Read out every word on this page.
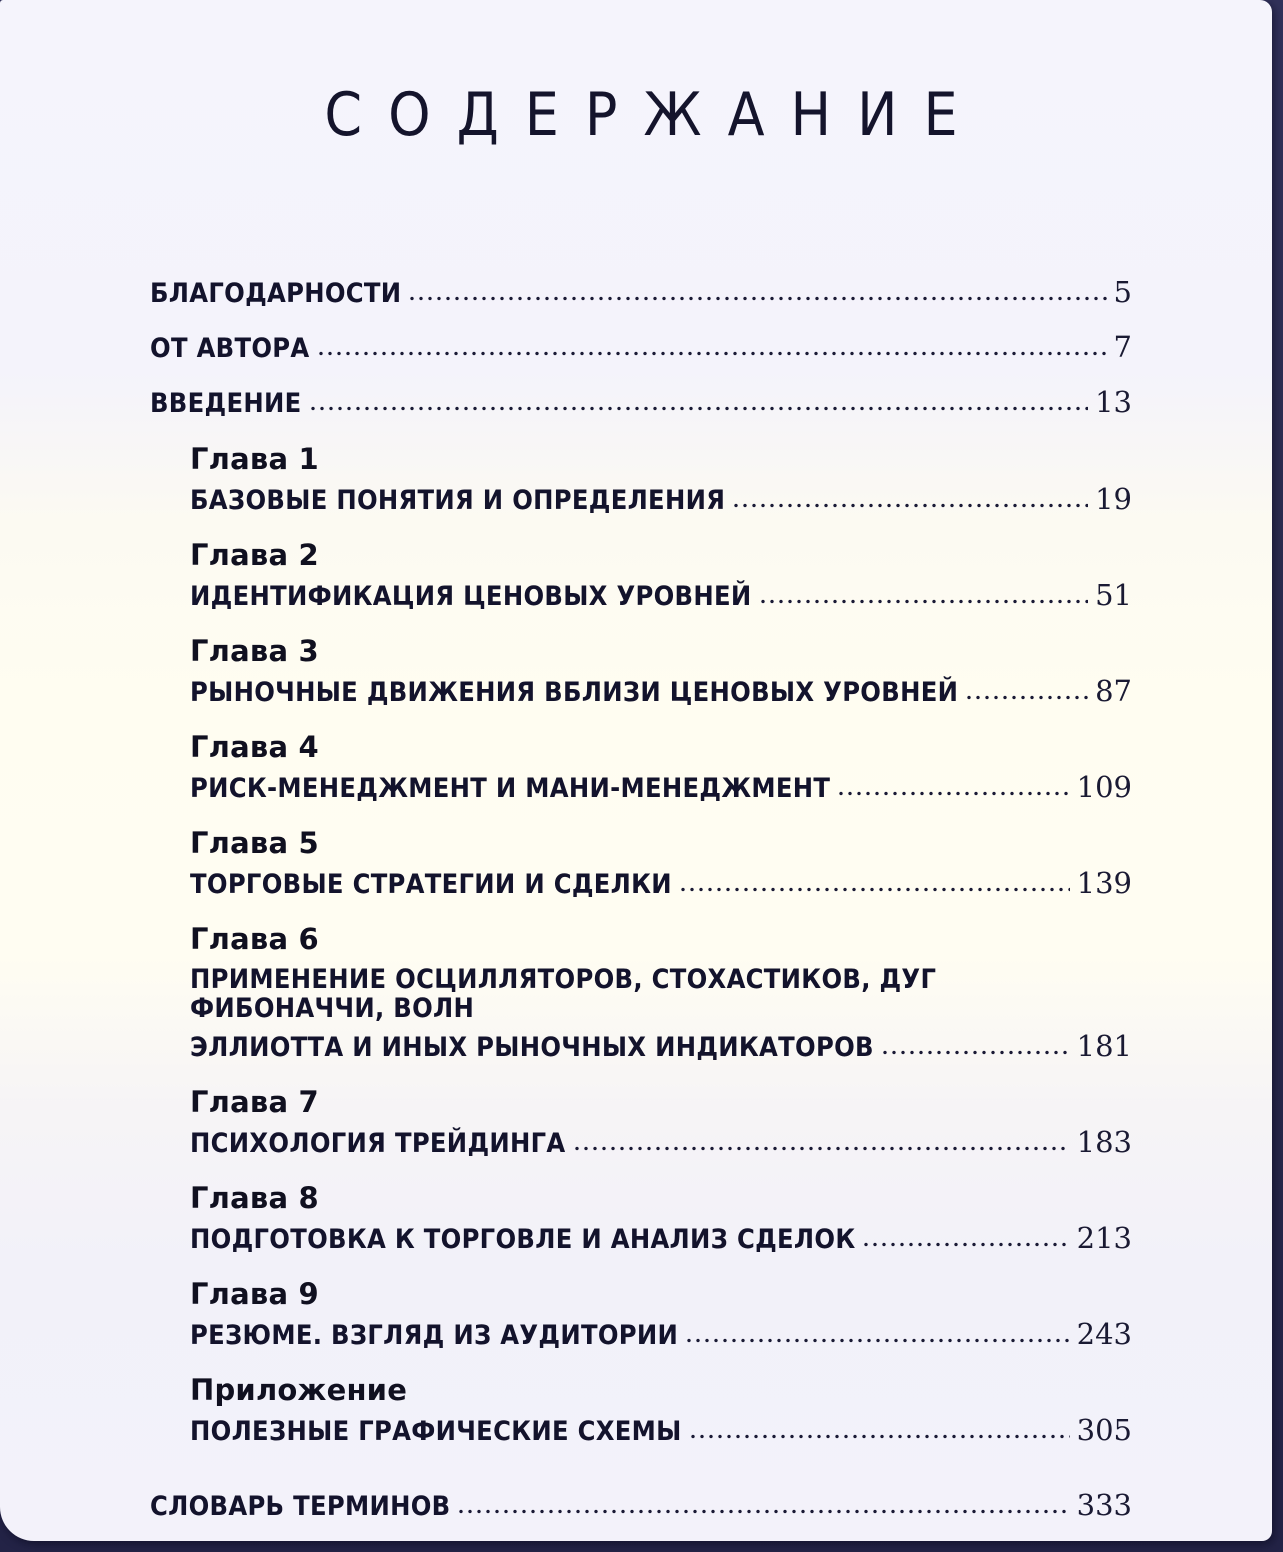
СОДЕРЖАНИЕ
БЛАГОДАРНОСТИ	5
ОТ АВТОРА	7
ВВЕДЕНИЕ	13
Глава 1
БАЗОВЫЕ ПОНЯТИЯ И ОПРЕДЕЛЕНИЯ	19
Глава 2
ИДЕНТИФИКАЦИЯ ЦЕНОВЫХ УРОВНЕЙ	51
Глава 3
РЫНОЧНЫЕ ДВИЖЕНИЯ ВБЛИЗИ ЦЕНОВЫХ УРОВНЕЙ	87
Глава 4
РИСК-МЕНЕДЖМЕНТ И МАНИ-МЕНЕДЖМЕНТ	109
Глава 5
ТОРГОВЫЕ СТРАТЕГИИ И СДЕЛКИ	139
Глава 6
ПРИМЕНЕНИЕ ОСЦИЛЛЯТОРОВ, СТОХАСТИКОВ, ДУГ ФИБОНАЧЧИ, ВОЛН
ЭЛЛИОТТА И ИНЫХ РЫНОЧНЫХ ИНДИКАТОРОВ	181
Глава 7
ПСИХОЛОГИЯ ТРЕЙДИНГА	183
Глава 8
ПОДГОТОВКА К ТОРГОВЛЕ И АНАЛИЗ СДЕЛОК	213
Глава 9
РЕЗЮМЕ. ВЗГЛЯД ИЗ АУДИТОРИИ	243
Приложение
ПОЛЕЗНЫЕ ГРАФИЧЕСКИЕ СХЕМЫ	305
СЛОВАРЬ ТЕРМИНОВ	333
